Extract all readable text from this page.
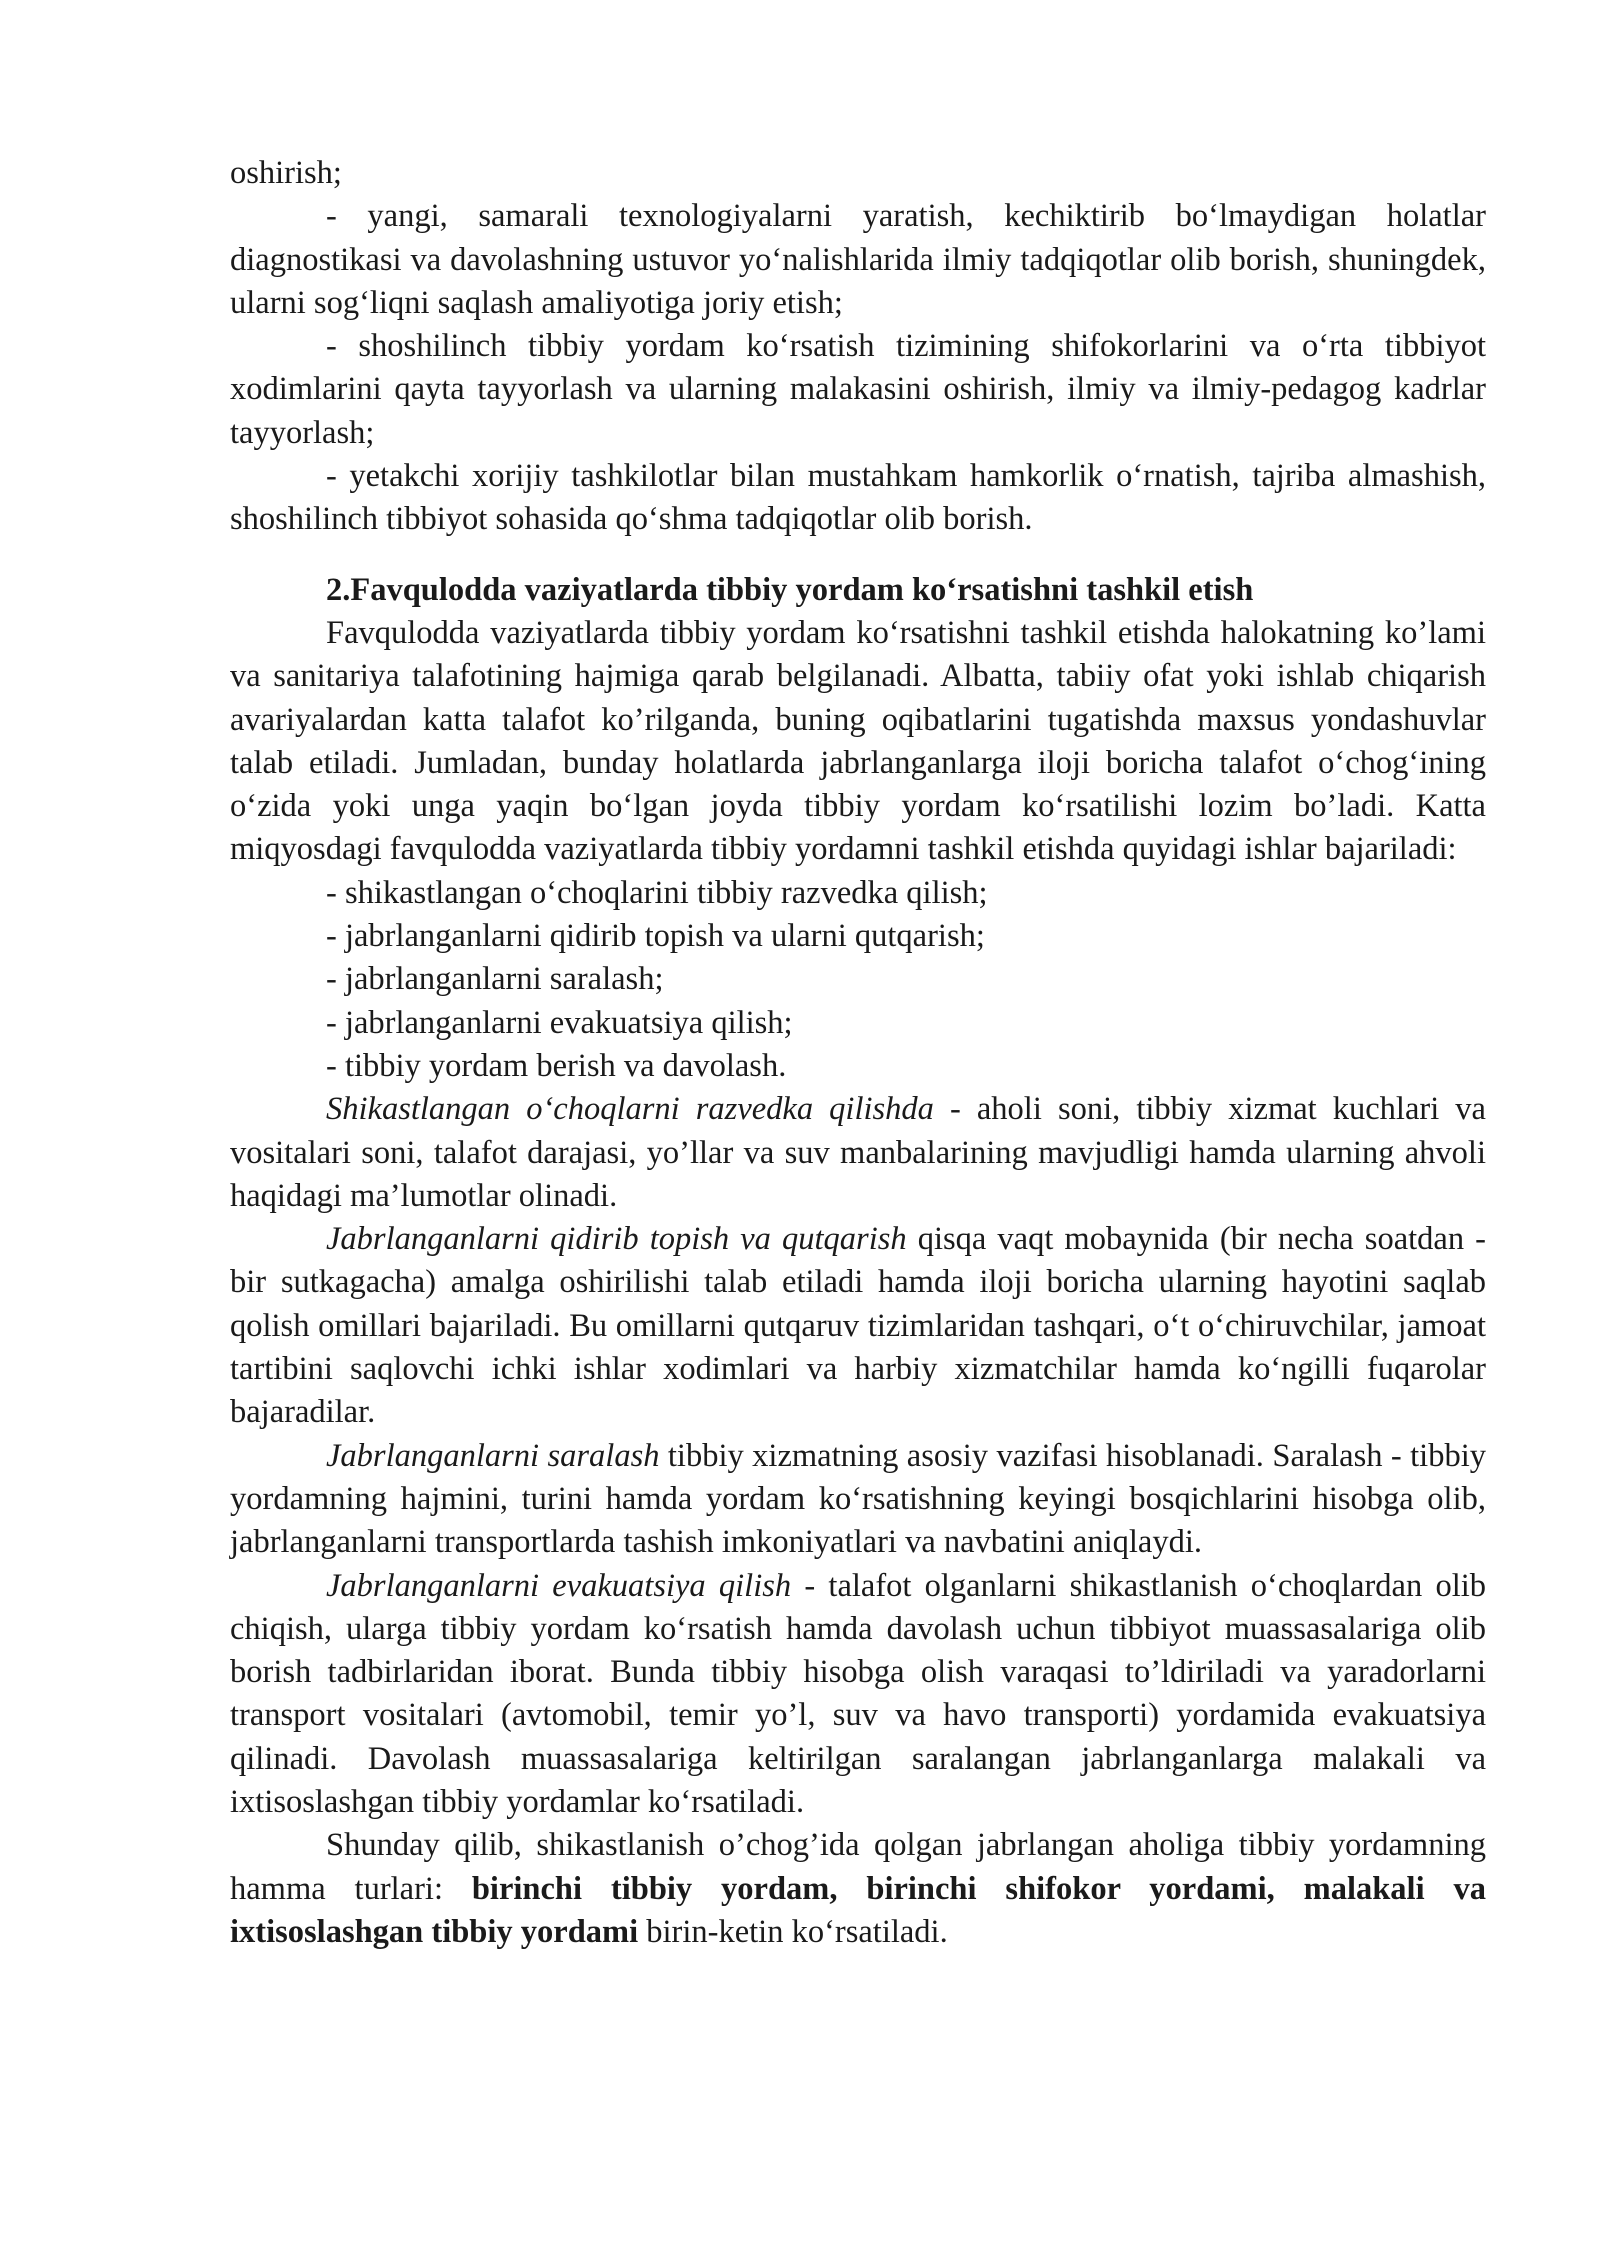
oshirish;

- yangi, samarali texnologiyalarni yaratish, kechiktirib bo‘lmaydigan holatlar diagnostikasi va davolashning ustuvor yo‘nalishlarida ilmiy tadqiqotlar olib borish, shuningdek, ularni sog‘liqni saqlash amaliyotiga joriy etish;

- shoshilinch tibbiy yordam ko‘rsatish tizimining shifokorlarini va o‘rta tibbiyot xodimlarini qayta tayyorlash va ularning malakasini oshirish, ilmiy va ilmiy-pedagog kadrlar tayyorlash;

- yetakchi xorijiy tashkilotlar bilan mustahkam hamkorlik o‘rnatish, tajriba almashish, shoshilinch tibbiyot sohasida qo‘shma tadqiqotlar olib borish.

2.Favqulodda vaziyatlarda tibbiy yordam ko‘rsatishni tashkil etish

Favqulodda vaziyatlarda tibbiy yordam ko‘rsatishni tashkil etishda halokatning ko’lami va sanitariya talafotining hajmiga qarab belgilanadi. Albatta, tabiiy ofat yoki ishlab chiqarish avariyalardan katta talafot ko’rilganda, buning oqibatlarini tugatishda maxsus yondashuvlar talab etiladi. Jumladan, bunday holatlarda jabrlanganlarga iloji boricha talafot o‘chog‘ining o‘zida yoki unga yaqin bo‘lgan joyda tibbiy yordam ko‘rsatilishi lozim bo’ladi. Katta miqyosdagi favqulodda vaziyatlarda tibbiy yordamni tashkil etishda quyidagi ishlar bajariladi:

- shikastlangan o‘choqlarini tibbiy razvedka qilish;

- jabrlanganlarni qidirib topish va ularni qutqarish;

- jabrlanganlarni saralash;

- jabrlanganlarni evakuatsiya qilish;

- tibbiy yordam berish va davolash.

Shikastlangan o‘choqlarni razvedka qilishda - aholi soni, tibbiy xizmat kuchlari va vositalari soni, talafot darajasi, yo’llar va suv manbalarining mavjudligi hamda ularning ahvoli haqidagi ma’lumotlar olinadi.

Jabrlanganlarni qidirib topish va qutqarish qisqa vaqt mobaynida (bir necha soatdan - bir sutkagacha) amalga oshirilishi talab etiladi hamda iloji boricha ularning hayotini saqlab qolish omillari bajariladi. Bu omillarni qutqaruv tizimlaridan tashqari, o‘t o‘chiruvchilar, jamoat tartibini saqlovchi ichki ishlar xodimlari va harbiy xizmatchilar hamda ko‘ngilli fuqarolar bajaradilar.

Jabrlanganlarni saralash tibbiy xizmatning asosiy vazifasi hisoblanadi. Saralash - tibbiy yordamning hajmini, turini hamda yordam ko‘rsatishning keyingi bosqichlarini hisobga olib, jabrlanganlarni transportlarda tashish imkoniyatlari va navbatini aniqlaydi.

Jabrlanganlarni evakuatsiya qilish - talafot olganlarni shikastlanish o‘choqlardan olib chiqish, ularga tibbiy yordam ko‘rsatish hamda davolash uchun tibbiyot muassasalariga olib borish tadbirlaridan iborat. Bunda tibbiy hisobga olish varaqasi to’ldiriladi va yaradorlarni transport vositalari (avtomobil, temir yo’l, suv va havo transporti) yordamida evakuatsiya qilinadi. Davolash muassasalariga keltirilgan saralangan jabrlanganlarga malakali va ixtisoslashgan tibbiy yordamlar ko‘rsatiladi.

Shunday qilib, shikastlanish o’chog’ida qolgan jabrlangan aholiga tibbiy yordamning hamma turlari: birinchi tibbiy yordam, birinchi shifokor yordami, malakali va ixtisoslashgan tibbiy yordami birin-ketin ko‘rsatiladi.
